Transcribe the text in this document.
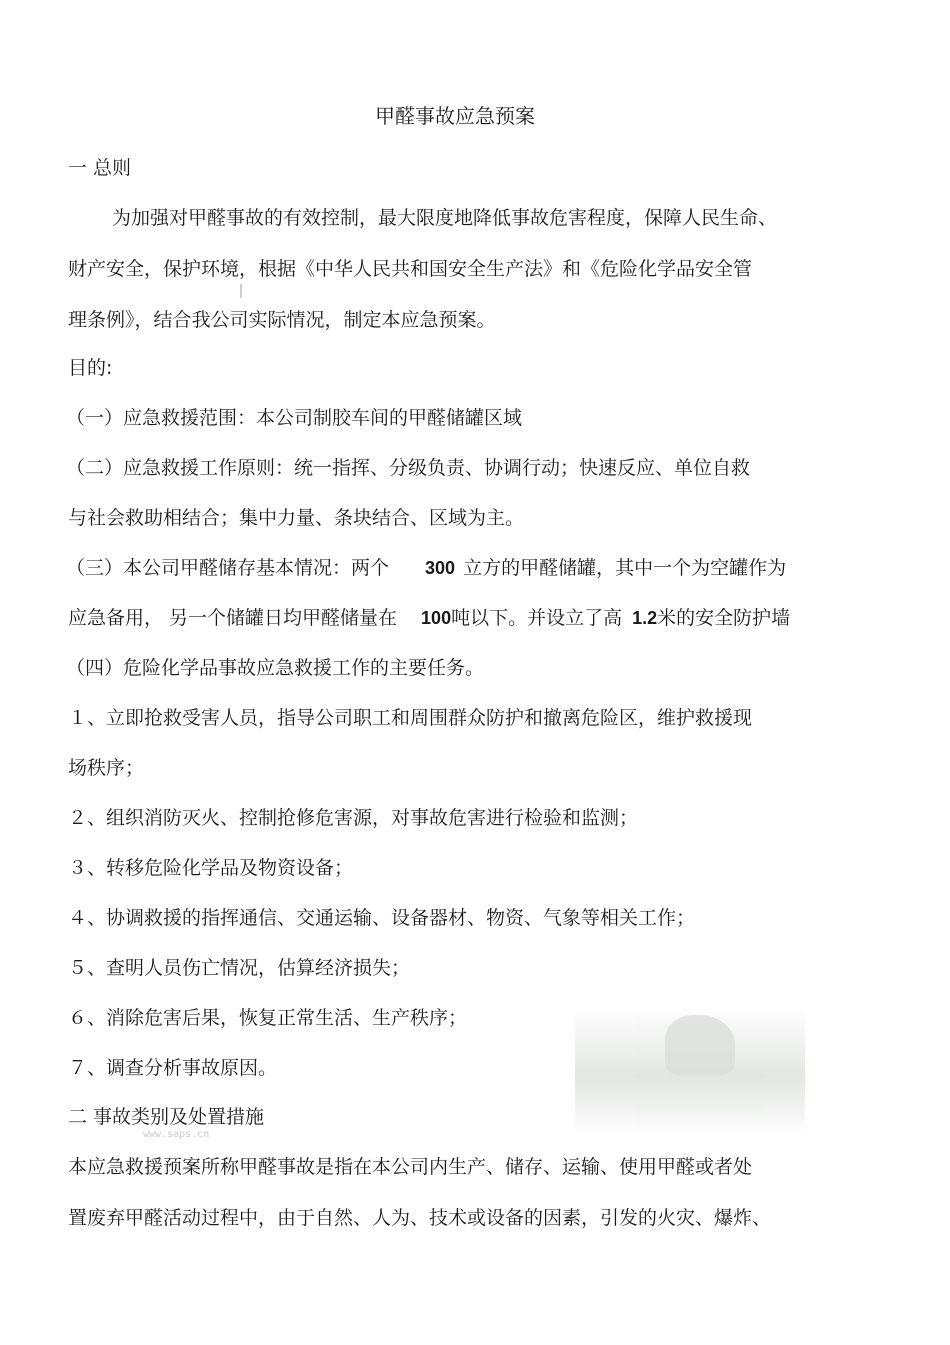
www.saps.cn

甲醛事故应急预案

一 总则

为加强对甲醛事故的有效控制，最大限度地降低事故危害程度，保障人民生命、

财产安全，保护环境，根据《中华人民共和国安全生产法》和《危险化学品安全管

理条例》，结合我公司实际情况，制定本应急预案。

目的:

（一）应急救援范围：本公司制胶车间的甲醛储罐区域

（二）应急救援工作原则：统一指挥、分级负责、协调行动；快速反应、单位自救

与社会救助相结合；集中力量、条块结合、区域为主。

（三）本公司甲醛储存基本情况：两个 300 立方的甲醛储罐，其中一个为空罐作为

应急备用， 另一个储罐日均甲醛储量在 100吨以下。并设立了高 1.2米的安全防护墙

（四）危险化学品事故应急救援工作的主要任务。

１、立即抢救受害人员，指导公司职工和周围群众防护和撤离危险区，维护救援现

场秩序；

２、组织消防灭火、控制抢修危害源，对事故危害进行检验和监测；

３、转移危险化学品及物资设备；

４、协调救援的指挥通信、交通运输、设备器材、物资、气象等相关工作；

５、查明人员伤亡情况，估算经济损失；

６、消除危害后果，恢复正常生活、生产秩序；

７、调查分析事故原因。

二 事故类别及处置措施

本应急救援预案所称甲醛事故是指在本公司内生产、储存、运输、使用甲醛或者处

置废弃甲醛活动过程中，由于自然、人为、技术或设备的因素，引发的火灾、爆炸、
